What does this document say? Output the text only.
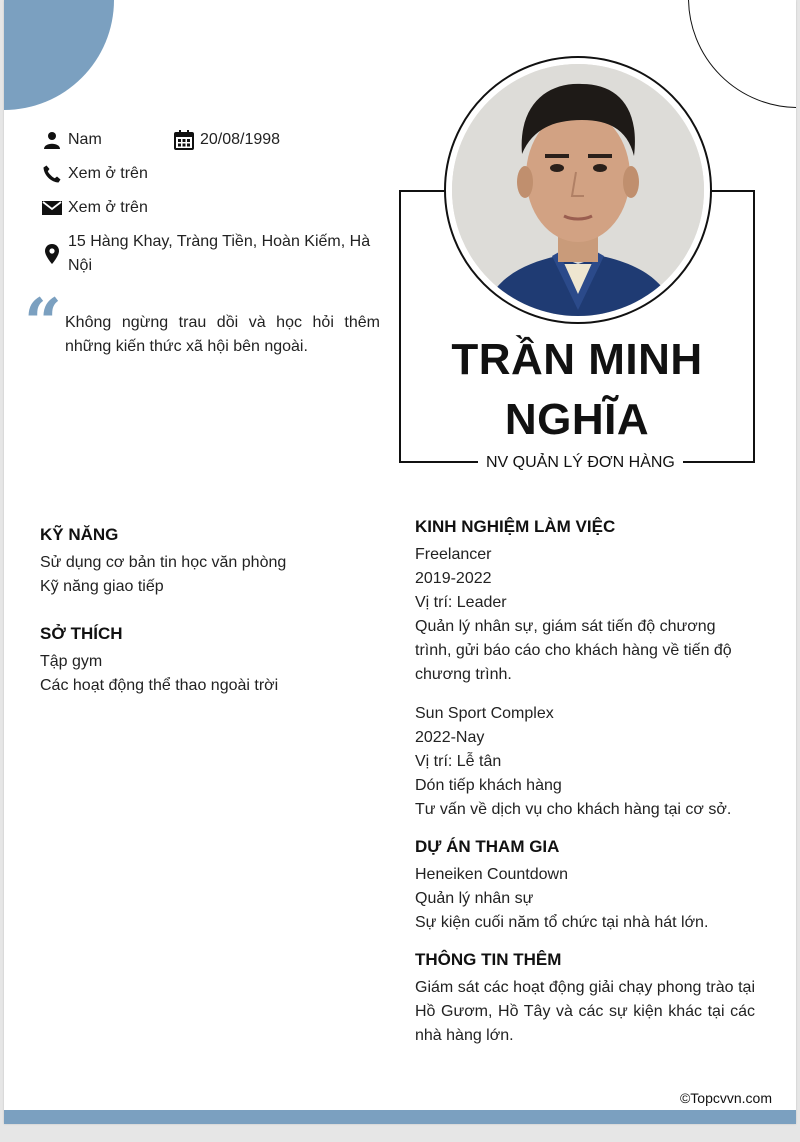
Nam	20/08/1998
Xem ở trên
Xem ở trên
15 Hàng Khay, Tràng Tiền, Hoàn Kiếm, Hà Nội
“ Không ngừng trau dồi và học hỏi thêm những kiến thức xã hội bên ngoài.	TRẦN MINH
NGHĨA
NV QUẢN LÝ ĐƠN HÀNG
KỸ NĂNG
Sử dụng cơ bản tin học văn phòng
Kỹ năng giao tiếp
SỞ THÍCH
Tập gym
Các hoạt động thể thao ngoài trời
KINH NGHIỆM LÀM VIỆC
Freelancer
2019-2022
Vị trí: Leader
Quản lý nhân sự, giám sát tiến độ chương trình, gửi báo cáo cho khách hàng về tiến độ chương trình.
Sun Sport Complex
2022-Nay
Vị trí: Lễ tân
Dón tiếp khách hàng
Tư vấn về dịch vụ cho khách hàng tại cơ sở.
DỰ ÁN THAM GIA
Heneiken Countdown
Quản lý nhân sự
Sự kiện cuối năm tổ chức tại nhà hát lớn.
THÔNG TIN THÊM
Giám sát các hoạt động giải chạy phong trào tại Hồ Gươm, Hồ Tây và các sự kiện khác tại các nhà hàng lớn.
©Topcvvn.com
